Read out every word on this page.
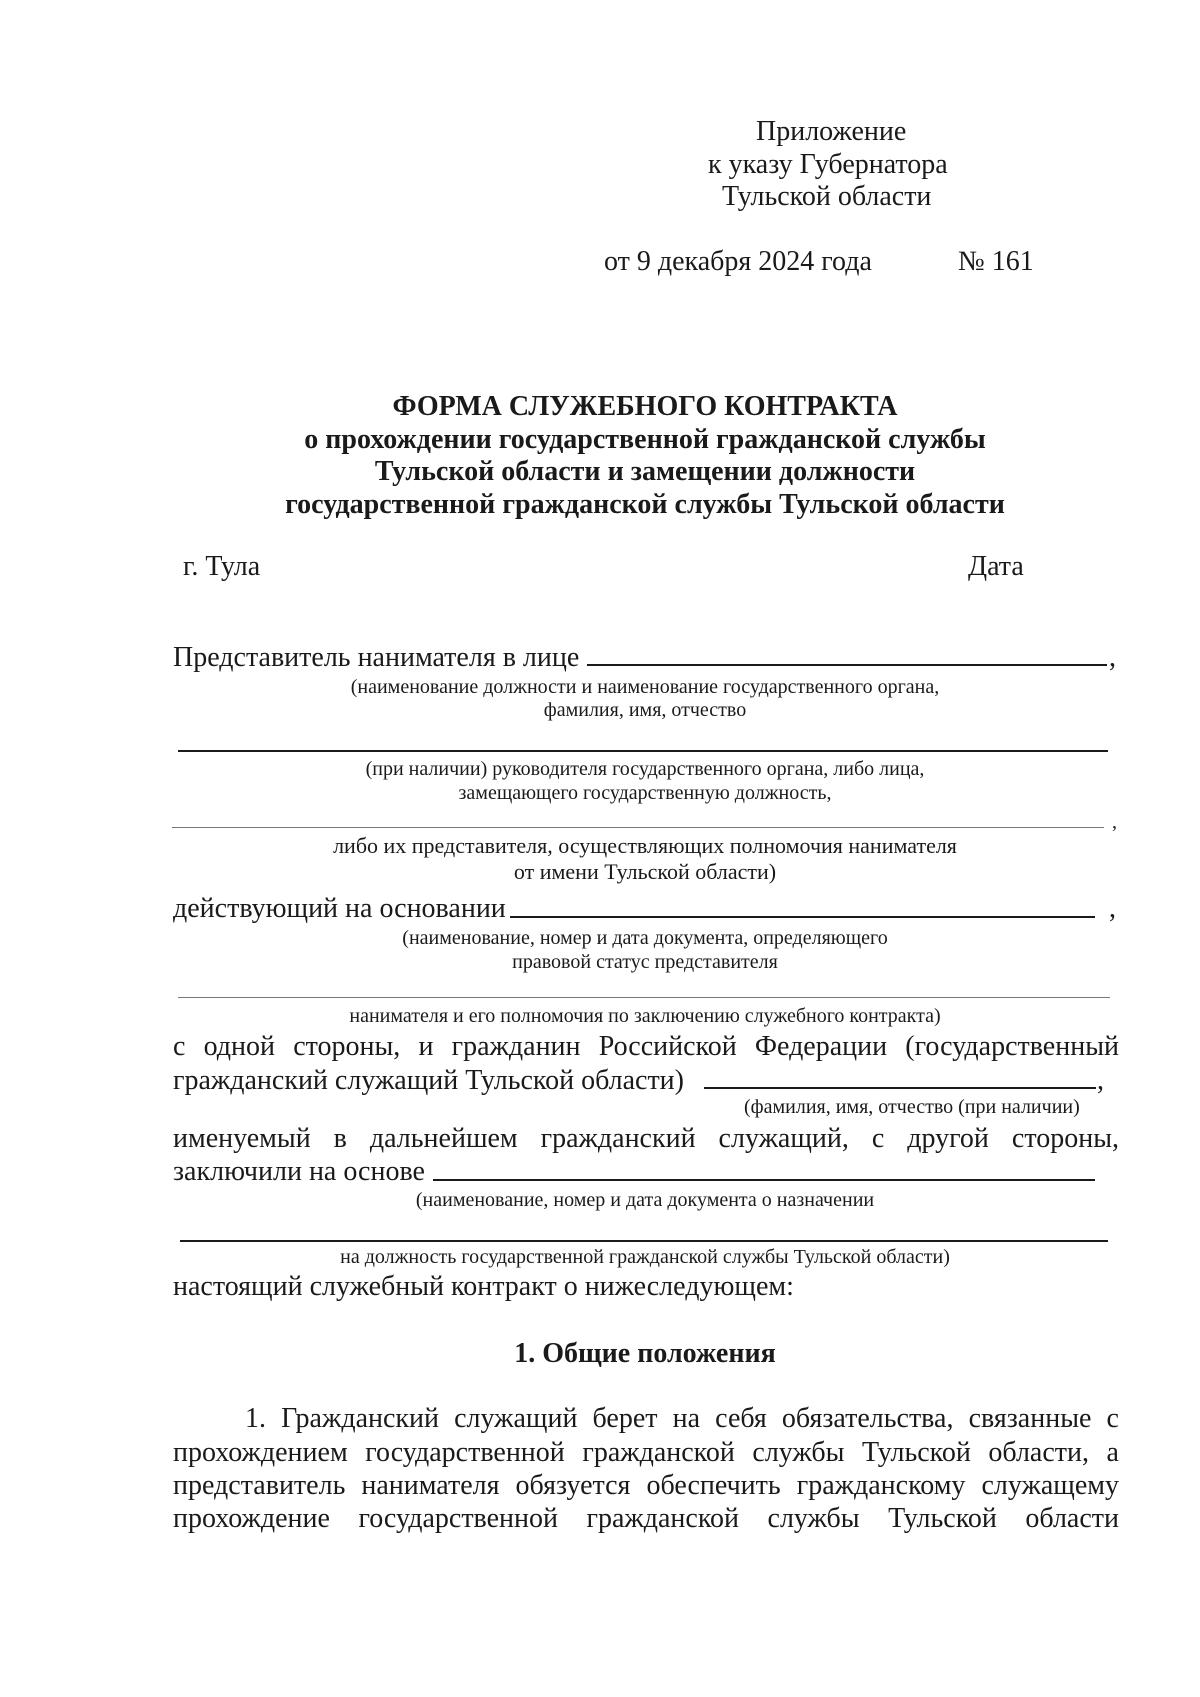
Приложение
к указу Губернатора
Тульской области
от 9 декабря 2024 года	№ 161
ФОРМА СЛУЖЕБНОГО КОНТРАКТА
о прохождении государственной гражданской службы
Тульской области и замещении должности
государственной гражданской службы Тульской области
г. Тула	Дата
Представитель нанимателя в лице	,
(наименование должности и наименование государственного органа,
фамилия, имя, отчество
(при наличии) руководителя государственного органа, либо лица,
замещающего государственную должность,
,
либо их представителя, осуществляющих полномочия нанимателя
от имени Тульской области)
действующий на основании	,
(наименование, номер и дата документа, определяющего
правовой статус представителя
нанимателя и его полномочия по заключению служебного контракта)
с одной стороны, и гражданин Российской Федерации (государственный
гражданский служащий Тульской области)	,
(фамилия, имя, отчество (при наличии)
именуемый в дальнейшем гражданский служащий, с другой стороны,
заключили на основе
(наименование, номер и дата документа о назначении
на должность государственной гражданской службы Тульской области)
настоящий служебный контракт о нижеследующем:
1. Общие положения
1. Гражданский служащий берет на себя обязательства, связанные с
прохождением государственной гражданской службы Тульской области, а
представитель нанимателя обязуется обеспечить гражданскому служащему
прохождение государственной гражданской службы Тульской области
